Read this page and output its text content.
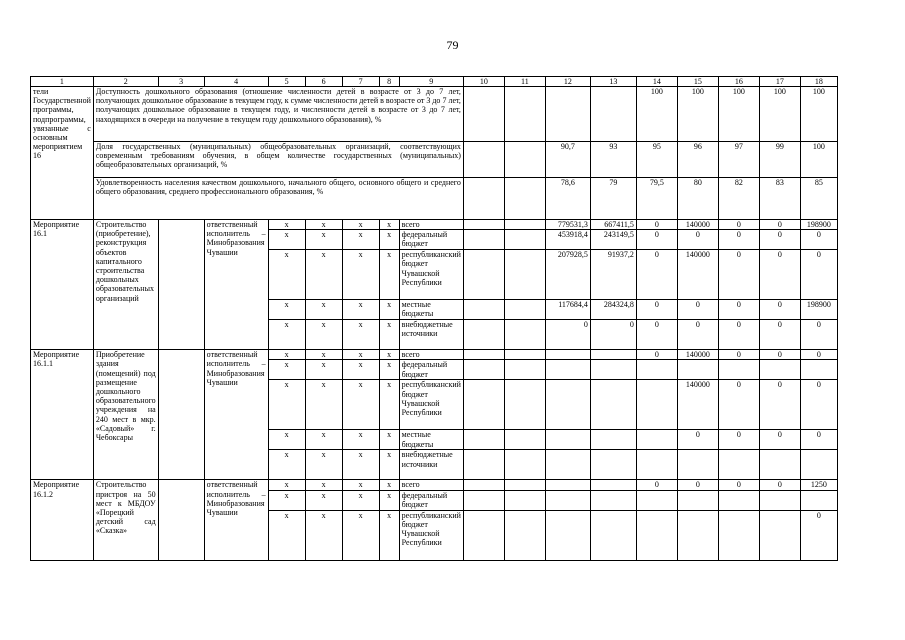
79
1	2	3	4	5	6	7	8	9	10	11	12	13	14	15	16	17	18
тели Государственной программы, подпрограммы, увязанные с основным мероприятием 16	Доступность дошкольного образования (отношение численности детей в возрасте от 3 до 7 лет, получающих дошкольное образование в текущем году, к сумме численности детей в возрасте от 3 до 7 лет, получающих дошкольное образование в текущем году, и численности детей в возрасте от 3 до 7 лет, находящихся в очереди на получение в текущем году дошкольного образования), %												100	100	100	100	100
	Доля государственных (муниципальных) общеобразовательных организаций, соответствующих современным требованиям обучения, в общем количестве государственных (муниципальных) общеобразовательных организаций, %										90,7	93	95	96	97	99	100
	Удовлетворенность населения качеством дошкольного, начального общего, основного общего и среднего общего образования, среднего профессионального образования, %										78,6	79	79,5	80	82	83	85
Мероприятие 16.1	Строительство (приобретение), реконструкция объектов капитального строительства дошкольных образовательных организаций		ответственный исполнитель – Минобразования Чувашии	x	x	x	x	всего			779531,3	667411,5	0	140000	0	0	198900
				x	x	x	x	федеральный бюджет			453918,4	243149,5	0	0	0	0	0
				x	x	x	x	республиканский бюджет Чувашской Республики			207928,5	91937,2	0	140000	0	0	0
				x	x	x	x	местные бюджеты			117684,4	284324,8	0	0	0	0	198900
				x	x	x	x	внебюджетные источники			0	0	0	0	0	0	0
Мероприятие 16.1.1	Приобретение здания (помещений) под размещение дошкольного образовательного учреждения на 240 мест в мкр. «Садовый» г. Чебоксары		ответственный исполнитель – Минобразования Чувашии	x	x	x	x	всего					0	140000	0	0	0
				x	x	x	x	федеральный бюджет									
				x	x	x	x	республиканский бюджет Чувашской Республики						140000	0	0	0
				x	x	x	x	местные бюджеты						0	0	0	0
				x	x	x	x	внебюджетные источники									
Мероприятие 16.1.2	Строительство пристроя на 50 мест к МБДОУ «Порецкий детский сад «Сказка»		ответственный исполнитель – Минобразования Чувашии	x	x	x	x	всего					0	0	0	0	1250
				x	x	x	x	федеральный бюджет									
				x	x	x	x	республиканский бюджет Чувашской Республики									0
